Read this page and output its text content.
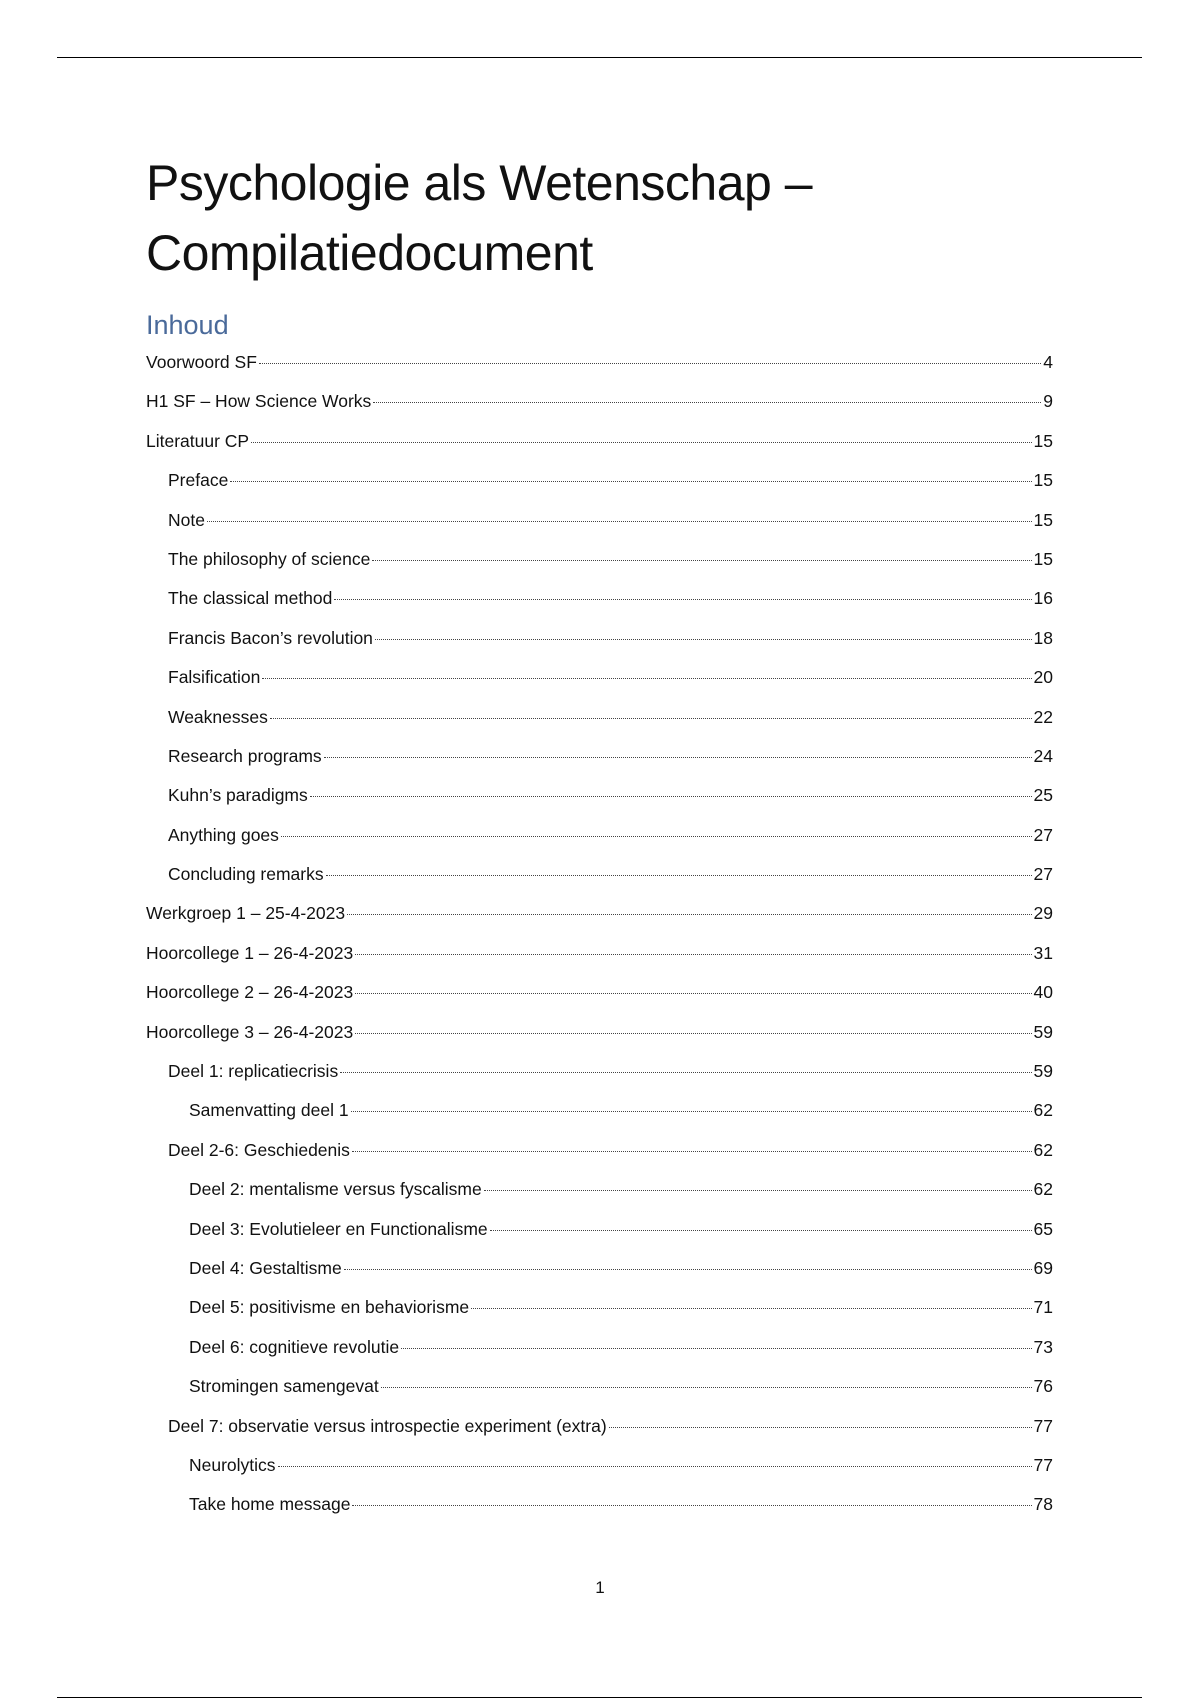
Psychologie als Wetenschap –
Compilatiedocument
Inhoud
Voorwoord SF	4
H1 SF – How Science Works	9
Literatuur CP	15
Preface	15
Note	15
The philosophy of science	15
The classical method	16
Francis Bacon’s revolution	18
Falsification	20
Weaknesses	22
Research programs	24
Kuhn’s paradigms	25
Anything goes	27
Concluding remarks	27
Werkgroep 1 – 25-4-2023	29
Hoorcollege 1 – 26-4-2023	31
Hoorcollege 2 – 26-4-2023	40
Hoorcollege 3 – 26-4-2023	59
Deel 1: replicatiecrisis	59
Samenvatting deel 1	62
Deel 2-6: Geschiedenis	62
Deel 2: mentalisme versus fyscalisme	62
Deel 3: Evolutieleer en Functionalisme	65
Deel 4: Gestaltisme	69
Deel 5: positivisme en behaviorisme	71
Deel 6: cognitieve revolutie	73
Stromingen samengevat	76
Deel 7: observatie versus introspectie experiment (extra)	77
Neurolytics	77
Take home message	78
1
